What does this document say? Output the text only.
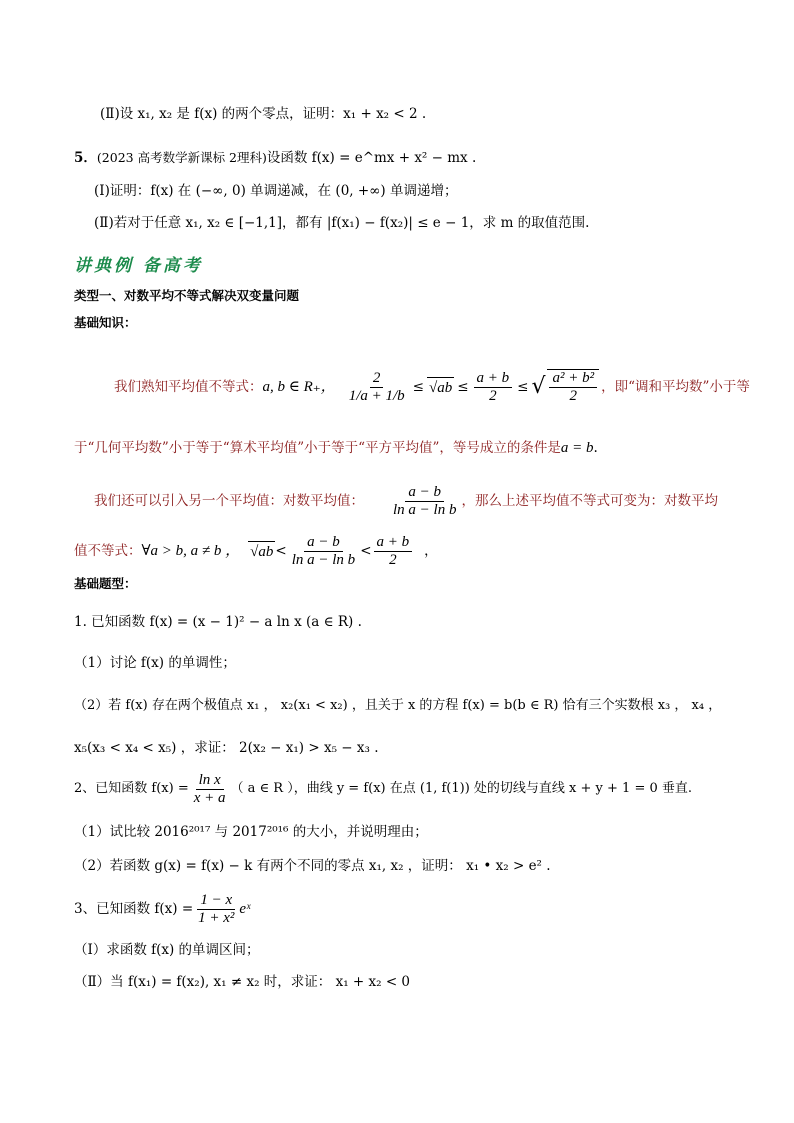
(Ⅱ)设 x₁, x₂ 是 f(x) 的两个零点，证明：x₁ + x₂ < 2 .
5．(2023 高考数学新课标 2理科)设函数 f(x) = e^mx + x² − mx .
(Ⅰ)证明：f(x) 在 (−∞, 0) 单调递减，在 (0, +∞) 单调递增；
(Ⅱ)若对于任意 x₁, x₂ ∈ [−1,1]，都有 |f(x₁) − f(x₂)| ≤ e − 1，求 m 的取值范围.
讲典例 备高考
类型一、对数平均不等式解决双变量问题
基础知识：
我们熟知平均值不等式： a, b ∈ R₊， $\frac{2}{1/a + 1/b} \le √ab \le \frac{a + b}{2}$ ≤ √ $\frac{\text{a² + b²}}{2}$ ，即“调和平均数”小于等
于“几何平均数”小于等于“算术平均值”小于等于“平方平均值”，等号成立的条件是a = b.
我们还可以引入另一个平均值：对数平均值： $\frac{a - b}{\text{ln a − ln b}}$ ，那么上述平均值不等式可变为：对数平均
值不等式： ∀a > b, a ≠ b ， $√ab < \frac{a - b}{\text{ln a − ln b}} < \frac{a + b}{2}$ ，
基础题型：
1. 已知函数 f(x) = (x − 1)² − a ln x (a ∈ R) .
（1）讨论 f(x) 的单调性；
（2）若 f(x) 存在两个极值点 x₁ ， x₂(x₁ < x₂) ，且关于 x 的方程 f(x) = b(b ∈ R) 恰有三个实数根 x₃ ， x₄ ，
x₅(x₃ < x₄ < x₅) ，求证： 2(x₂ − x₁) > x₅ − x₃ .
2、已知函数 $f(x) = \frac{\text{ln x}}{x + a}$ （ a ∈ R ），曲线 y = f(x) 在点 (1, f(1)) 处的切线与直线 x + y + 1 = 0 垂直.
（1）试比较 2016²⁰¹⁷ 与 2017²⁰¹⁶ 的大小，并说明理由；
（2）若函数 g(x) = f(x) − k 有两个不同的零点 x₁, x₂ ，证明： x₁ • x₂ > e² .
3、已知函数 $f(x) = \frac{1 - x}{\text{1 + x²}}$ eˣ
（Ⅰ）求函数 f(x) 的单调区间；
（Ⅱ）当 f(x₁) = f(x₂), x₁ ≠ x₂ 时，求证： x₁ + x₂ < 0
